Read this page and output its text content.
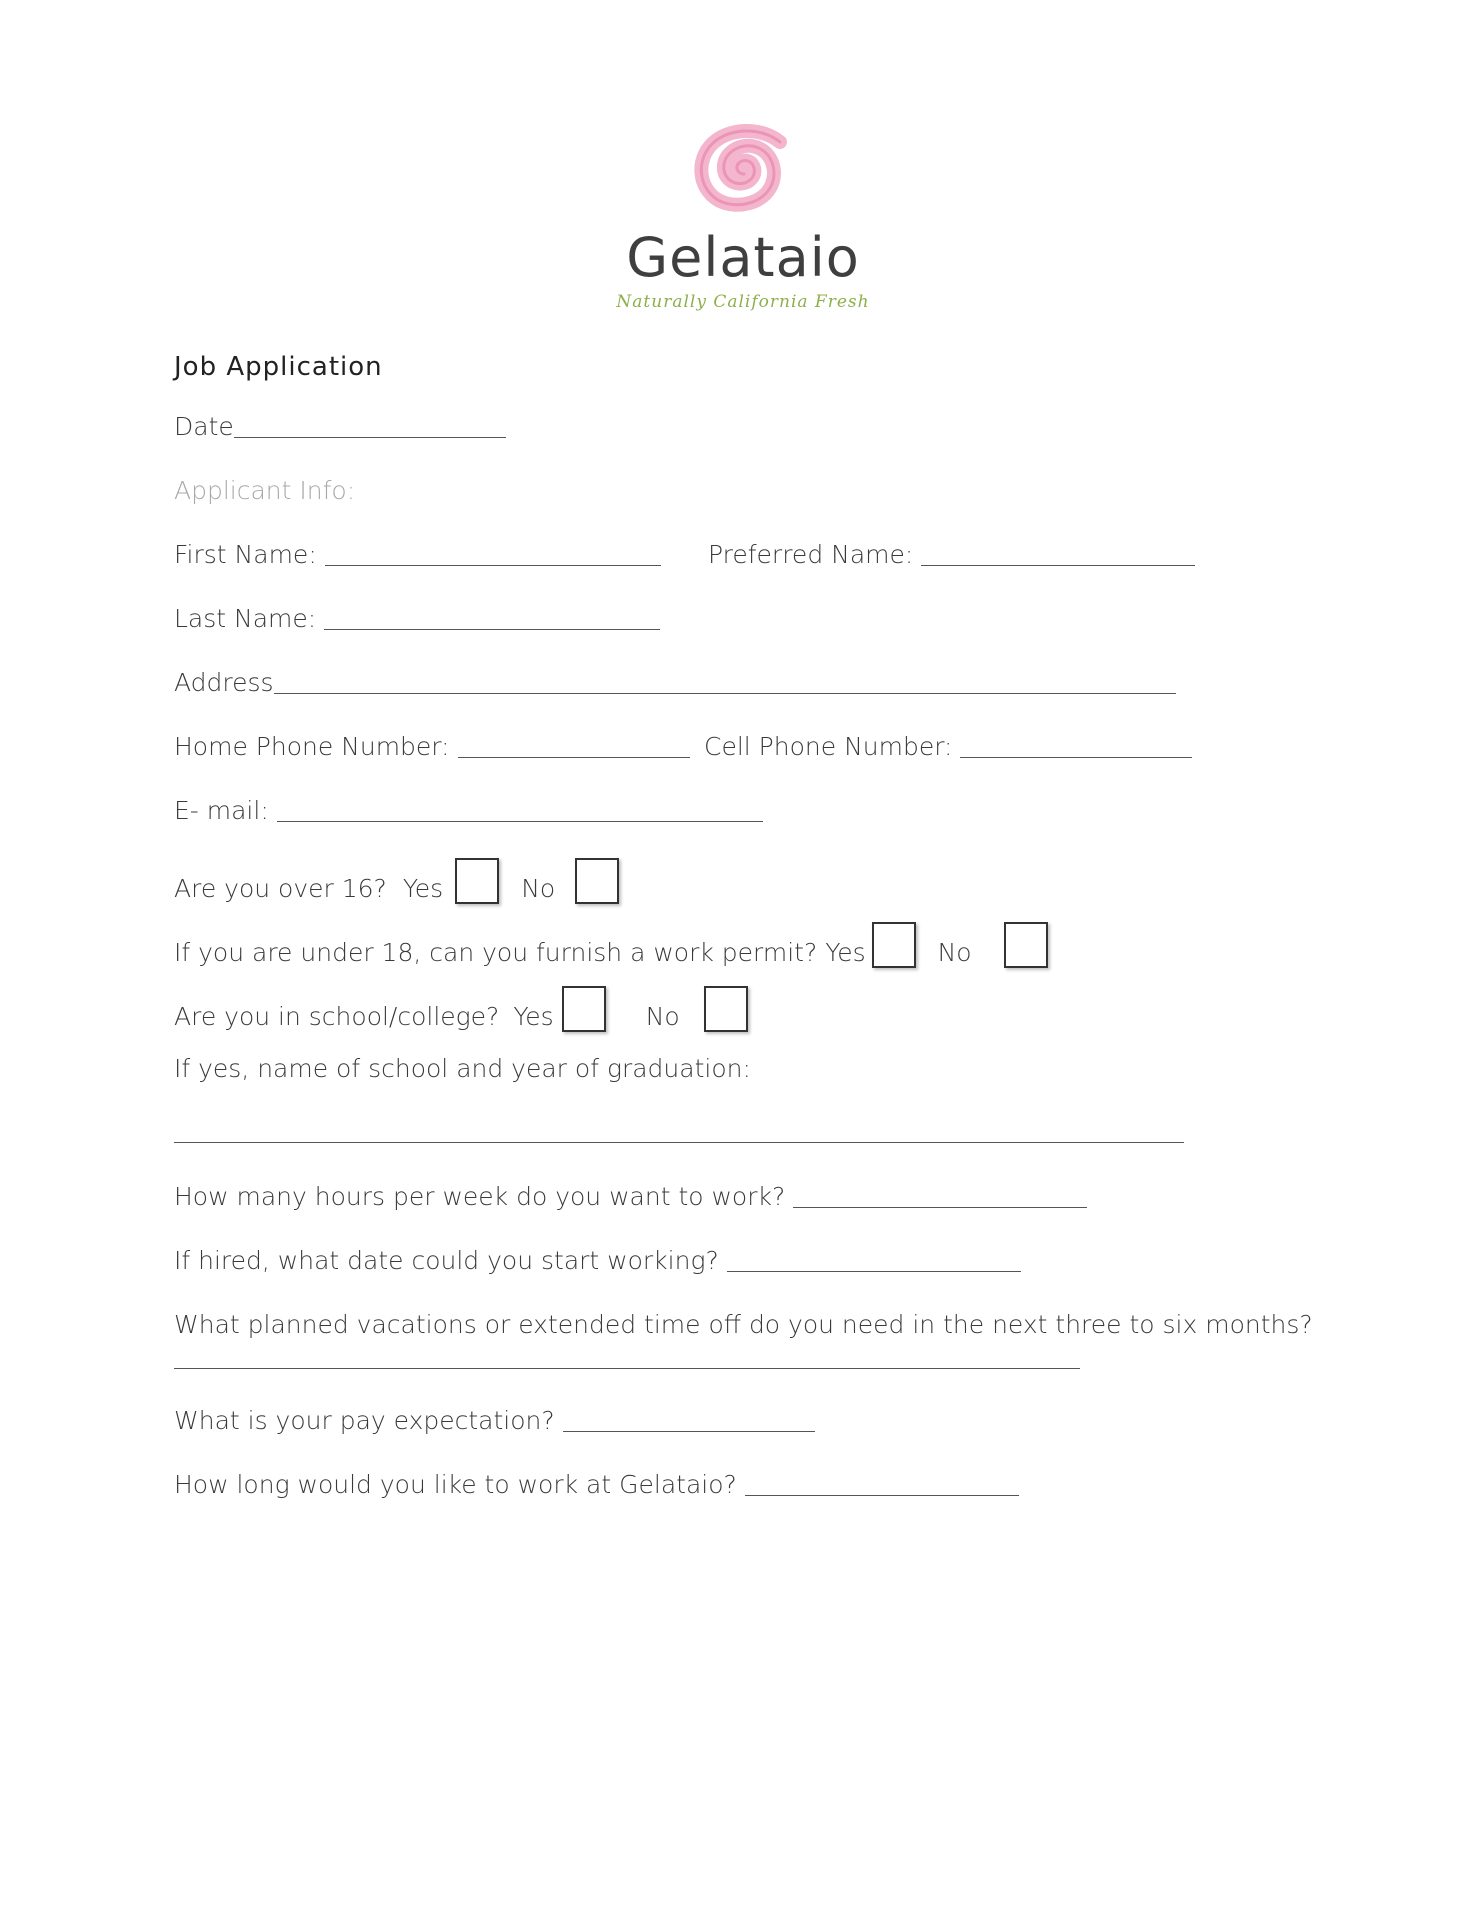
Gelataio
Naturally California Fresh
Job Application
Date
Applicant Info:
First Name:	Preferred Name:
Last Name:
Address
Home Phone Number:	Cell Phone Number:
E- mail:
Are you over 16? Yes	No
If you are under 18, can you furnish a work permit? Yes	No
Are you in school/college? Yes	No
If yes, name of school and year of graduation:
How many hours per week do you want to work?
If hired, what date could you start working?
What planned vacations or extended time off do you need in the next three to six months?
What is your pay expectation?
How long would you like to work at Gelataio?
